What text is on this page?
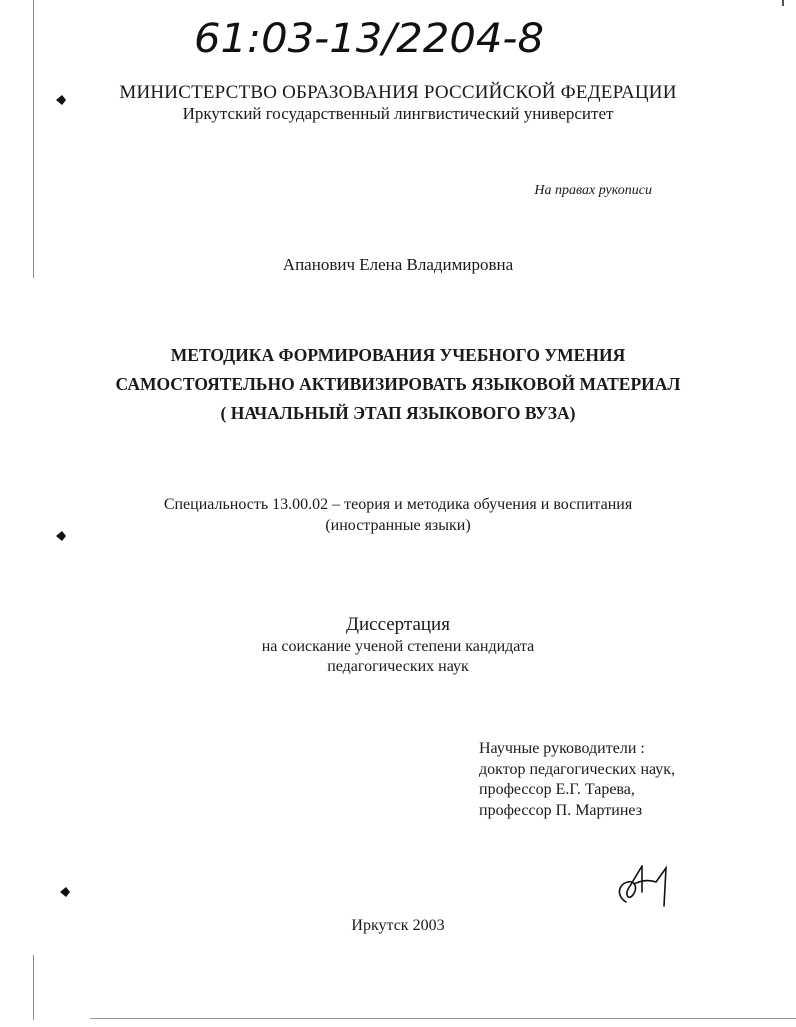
61:03-13/2204-8
МИНИСТЕРСТВО ОБРАЗОВАНИЯ РОССИЙСКОЙ ФЕДЕРАЦИИ
Иркутский государственный лингвистический университет
На правах рукописи
Апанович Елена Владимировна
МЕТОДИКА ФОРМИРОВАНИЯ УЧЕБНОГО УМЕНИЯ
САМОСТОЯТЕЛЬНО АКТИВИЗИРОВАТЬ ЯЗЫКОВОЙ МАТЕРИАЛ
( НАЧАЛЬНЫЙ ЭТАП ЯЗЫКОВОГО ВУЗА)
Специальность 13.00.02 – теория и методика обучения и воспитания
(иностранные языки)
Диссертация
на соискание ученой степени кандидата
педагогических наук
Научные руководители :
доктор педагогических наук,
профессор Е.Г. Тарева,
профессор П. Мартинез
Иркутск 2003
